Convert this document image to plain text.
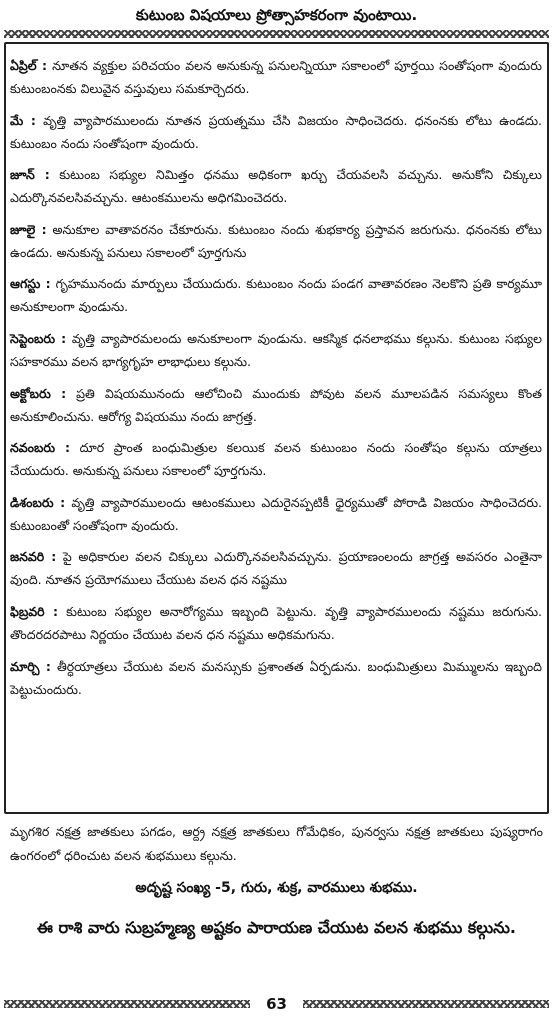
కుటుంబ విషయాలు ప్రోత్సాహకరంగా వుంటాయి.

ఏప్రిల్ : నూతన వ్యక్తుల పరిచయం వలన అనుకున్న పనులన్నియూ సకాలంలో పూర్తయి సంతోషంగా వుందురు కుటుంబంనకు విలువైన వస్తువులు సమకూర్చెదరు.

మే : వృత్తి వ్యాపారములందు నూతన ప్రయత్నము చేసి విజయం సాధించెదరు. ధనంనకు లోటు ఉండదు. కుటుంబం నందు సంతోషంగా వుందురు.

జూన్ : కుటుంబ సభ్యుల నిమిత్తం ధనము అధికంగా ఖర్చు చేయవలసి వచ్చును. అనుకోని చిక్కులు ఎదుర్కొనవలసివచ్చును. ఆటంకములను అధిగమించెదరు.

జూలై : అనుకూల వాతావరనం చేకూరును. కుటుంబం నందు శుభకార్య ప్రస్తావన జరుగును. ధనంనకు లోటు ఉండదు. అనుకున్న పనులు సకాలంలో పూర్తగును

ఆగస్టు : గృహమునందు మార్పులు చేయుదురు. కుటుంబం నందు పండగ వాతావరణం నెలకొని ప్రతి కార్యమూ అనుకూలంగా వుండును.

సెప్టెంబరు : వృత్తి వ్యాపారమలందు అనుకూలంగా వుండును. ఆకస్మిక ధనలాభము కల్గును. కుటుంబ సభ్యుల సహకారము వలన భాగ్యగృహ లాభాధులు కల్గును.

అక్టోబరు : ప్రతి విషయమునందు ఆలోచించి ముందుకు పోవుట వలన మూలపడిన సమస్యలు కొంత అనుకూలించును. ఆరోగ్య విషయము నందు జాగ్రత్త.

నవంబరు : దూర ప్రాంత బంధుమిత్రుల కలయిక వలన కుటుంబం నందు సంతోషం కల్గును యాత్రలు చేయుదురు. అనుకున్న పనులు సకాలంలో పూర్తగును.

డిశంబరు : వృత్తి వ్యాపారములందు ఆటంకములు ఎదురైనప్పటికీ ధైర్యముతో పోరాడి విజయం సాధించెదరు. కుటుంబంతో సంతోషంగా వుందురు.

జనవరి : పై అధికారుల వలన చిక్కులు ఎదుర్కొనవలసివచ్చును. ప్రయాణంలందు జాగ్రత్త అవసరం ఎంతైనా వుంది. నూతన ప్రయోగములు చేయుట వలన ధన నష్టము

ఫిబ్రవరి : కుటుంబ సభ్యుల అనారోగ్యము ఇబ్బంది పెట్టును. వృత్తి వ్యాపారములందు నష్టము జరుగును. తొందరదరపాటు నిర్ణయం చేయుట వలన ధన నష్టము అధికమగును.

మార్చి : తీర్ధయాత్రలు చేయుట వలన మనస్సుకు ప్రశాంతత ఏర్పడును. బంధుమిత్రులు మిమ్ములను ఇబ్బంది పెట్టుచుందురు.

మృగశిర నక్షత్ర జాతకులు పగడం, ఆర్ద్ర నక్షత్ర జాతకులు గోమేధికం, పునర్వసు నక్షత్ర జాతకులు పుష్యరాగం ఉంగరంలో ధరించుట వలన శుభములు కల్గును.

అదృష్ట సంఖ్య -5, గురు, శుక్ర, వారములు శుభము.
ఈ రాశి వారు సుబ్రహ్మణ్య అష్టకం పారాయణ చేయుట వలన శుభము కల్గును.
63
